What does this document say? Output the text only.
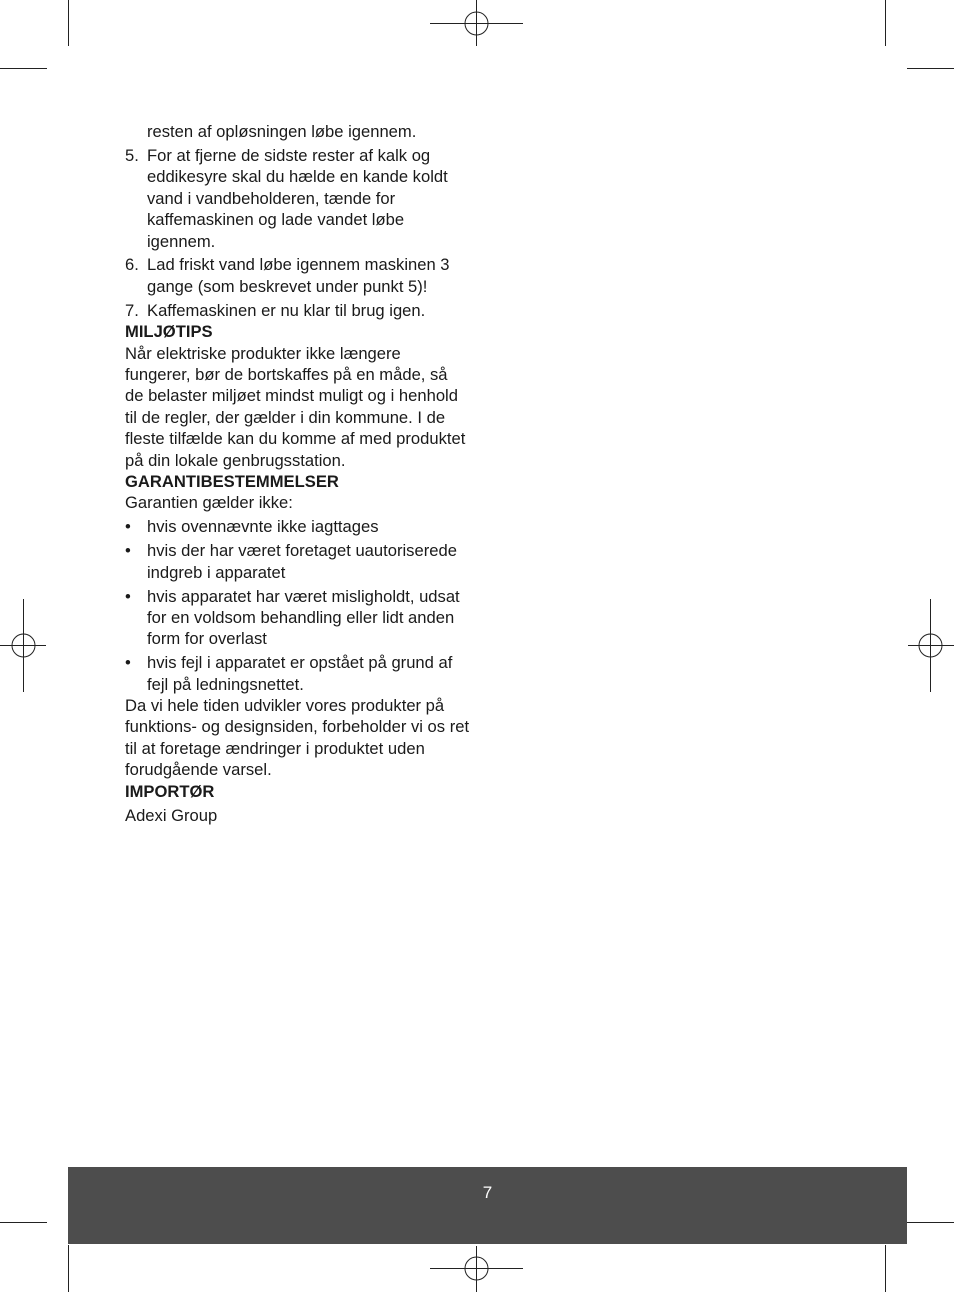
resten af opløsningen løbe igennem.

5. For at fjerne de sidste rester af kalk og eddikesyre skal du hælde en kande koldt vand i vandbeholderen, tænde for kaffemaskinen og lade vandet løbe igennem.
6. Lad friskt vand løbe igennem maskinen 3 gange (som beskrevet under punkt 5)!
7. Kaffemaskinen er nu klar til brug igen.
MILJØTIPS

Når elektriske produkter ikke længere fungerer, bør de bortskaffes på en måde, så de belaster miljøet mindst muligt og i henhold til de regler, der gælder i din kommune. I de fleste tilfælde kan du komme af med produktet på din lokale genbrugsstation.

GARANTIBESTEMMELSER

Garantien gælder ikke:

• hvis ovennævnte ikke iagttages
• hvis der har været foretaget uautoriserede indgreb i apparatet
• hvis apparatet har været misligholdt, udsat for en voldsom behandling eller lidt anden form for overlast
• hvis fejl i apparatet er opstået på grund af fejl på ledningsnettet.

Da vi hele tiden udvikler vores produkter på funktions- og designsiden, forbeholder vi os ret til at foretage ændringer i produktet uden forudgående varsel.

IMPORTØR

Adexi Group

7
